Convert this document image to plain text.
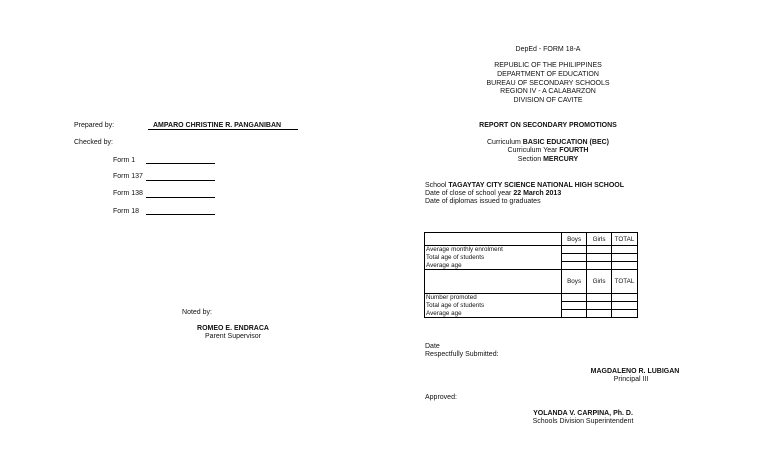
DepEd - FORM 18-A
REPUBLIC OF THE PHILIPPINES
DEPARTMENT OF EDUCATION
BUREAU OF SECONDARY SCHOOLS
REGION IV - A CALABARZON
DIVISION OF CAVITE
Prepared by:	AMPARO CHRISTINE R. PANGANIBAN
Checked by:
Form 1
Form 137
Form 138
Form 18
Noted by:
ROMEO E. ENDRACA
Parent Supervisor
REPORT ON SECONDARY PROMOTIONS
Curriculum BASIC EDUCATION (BEC)
Curriculum Year FOURTH
Section MERCURY
School TAGAYTAY CITY SCIENCE NATIONAL HIGH SCHOOL
Date of close of school year 22 March 2013
Date of diplomas issued to graduates
	Boys	Girls	TOTAL
Average monthly enrolment			
Total age of students			
Average age			
	Boys	Girls	TOTAL
Number promoted			
Total age of students			
Average age			
Date
Respectfully Submitted:
MAGDALENO R. LUBIGAN
Principal III
Approved:
YOLANDA V. CARPINA, Ph. D.
Schools Division Superintendent
